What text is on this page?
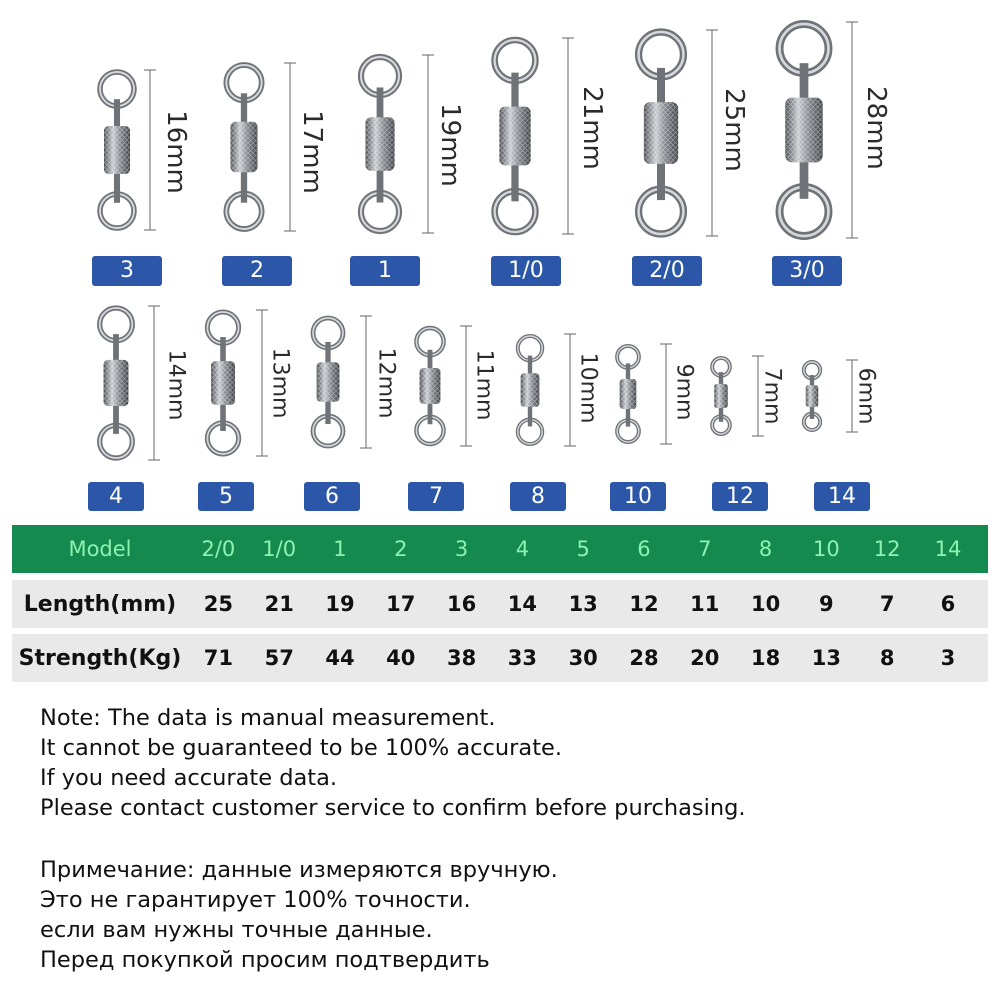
16mm
3
17mm
2
19mm
1
21mm
1/0
25mm
2/0
28mm
3/0
14mm
4
13mm
5
12mm
6
11mm
7
10mm
8
9mm
10
7mm
12
6mm
14
Model	2/0	1/0	1	2	3	4	5	6	7	8	10	12	14
Length(mm)	25	21	19	17	16	14	13	12	11	10	9	7	6
Strength(Kg)	71	57	44	40	38	33	30	28	20	18	13	8	3

Note: The data is manual measurement.

It cannot be guaranteed to be 100% accurate.

If you need accurate data.

Please contact customer service to confirm before purchasing.

Примечание: данные измеряются вручную.

Это не гарантирует 100% точности.

если вам нужны точные данные.

Перед покупкой просим подтвердить
